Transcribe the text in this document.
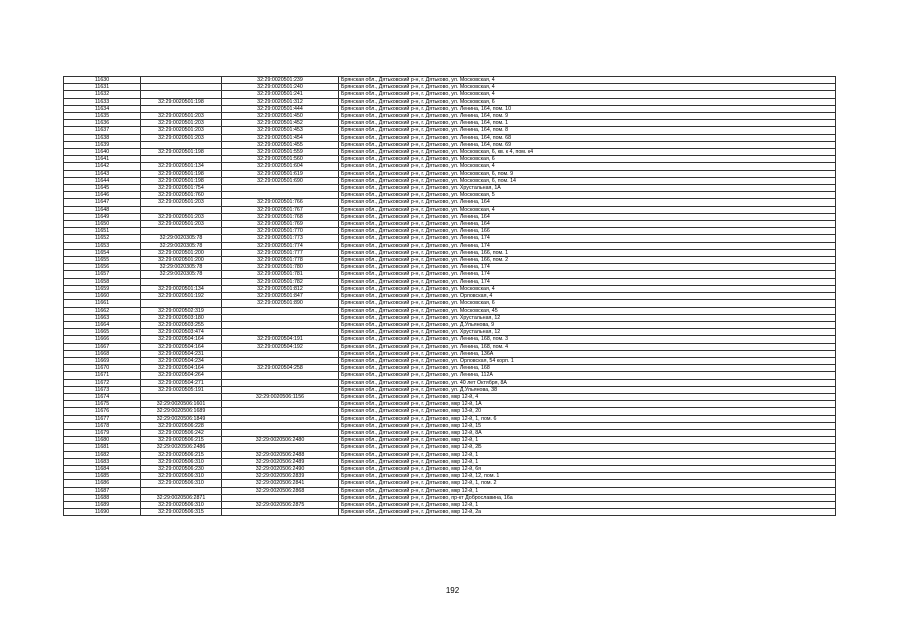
11630		32:29:0020501:239	Брянская обл., Дятьковский р-н, г. Дятьково, ул. Московская, 4
11631		32:29:0020501:240	Брянская обл., Дятьковский р-н, г. Дятьково, ул. Московская, 4
11632		32:29:0020501:241	Брянская обл., Дятьковский р-н, г. Дятьково, ул. Московская, 4
11633	32:29:0020501:198	32:29:0020501:312	Брянская обл., Дятьковский р-н, г. Дятьково, ул. Московская, 6
11634		32:29:0020501:444	Брянская обл., Дятьковский р-н, г. Дятьково, ул. Ленина, 164, пом. 10
11635	32:29:0020501:203	32:29:0020501:450	Брянская обл., Дятьковский р-н, г. Дятьково, ул. Ленина, 164, пом. 9
11636	32:29:0020501:203	32:29:0020501:452	Брянская обл., Дятьковский р-н, г. Дятьково, ул. Ленина, 164, пом. 1
11637	32:29:0020501:203	32:29:0020501:453	Брянская обл., Дятьковский р-н, г. Дятьково, ул. Ленина, 164, пом. 8
11638	32:29:0020501:203	32:29:0020501:454	Брянская обл., Дятьковский р-н, г. Дятьково, ул. Ленина, 164, пом. 68
11639		32:29:0020501:455	Брянская обл., Дятьковский р-н, г. Дятьково, ул. Ленина, 164, пом. 69
11640	32:29:0020501:198	32:29:0020501:559	Брянская обл., Дятьковский р-н, г. Дятьково, ул. Московская, 6, кв. к 4, пом. к4
11641		32:29:0020501:560	Брянская обл., Дятьковский р-н, г. Дятьково, ул. Московская, 6
11642	32:29:0020501:134	32:29:0020501:604	Брянская обл., Дятьковский р-н, г. Дятьково, ул. Московская, 4
11643	32:29:0020501:198	32:29:0020501:619	Брянская обл., Дятьковский р-н, г. Дятьково, ул. Московская, 6, пом. 9
11644	32:29:0020501:198	32:29:0020501:690	Брянская обл., Дятьковский р-н, г. Дятьково, ул. Московская, 6, пом. 14
11645	32:29:0020501:754		Брянская обл., Дятьковский р-н, г. Дятьково, ул. Хрустальная, 1А
11646	32:29:0020501:760		Брянская обл., Дятьковский р-н, г. Дятьково, ул. Московская, 5
11647	32:29:0020501:203	32:29:0020501:766	Брянская обл., Дятьковский р-н, г. Дятьково, ул. Ленина, 164
11648		32:29:0020501:767	Брянская обл., Дятьковский р-н, г. Дятьково, ул. Московская, 4
11649	32:29:0020501:203	32:29:0020501:768	Брянская обл., Дятьковский р-н, г. Дятьково, ул. Ленина, 164
11650	32:29:0020501:203	32:29:0020501:769	Брянская обл., Дятьковский р-н, г. Дятьково, ул. Ленина, 164
11651		32:29:0020501:770	Брянская обл., Дятьковский р-н, г. Дятьково, ул. Ленина, 166
11652	32:29:0020305:78	32:29:0020501:773	Брянская обл., Дятьковский р-н, г. Дятьково, ул. Ленина, 174
11653	32:29:0020305:78	32:29:0020501:774	Брянская обл., Дятьковский р-н, г. Дятьково, ул. Ленина, 174
11654	32:29:0020501:200	32:29:0020501:777	Брянская обл., Дятьковский р-н, г. Дятьково, ул. Ленина, 166, пом. 1
11655	32:29:0020501:200	32:29:0020501:778	Брянская обл., Дятьковский р-н, г. Дятьково, ул. Ленина, 166, пом. 2
11656	32:29:0020305:78	32:29:0020501:780	Брянская обл., Дятьковский р-н, г. Дятьково, ул. Ленина, 174
11657	32:29:0020305:78	32:29:0020501:781	Брянская обл., Дятьковский р-н, г. Дятьково, ул. Ленина, 174
11658		32:29:0020501:782	Брянская обл., Дятьковский р-н, г. Дятьково, ул. Ленина, 174
11659	32:29:0020501:134	32:29:0020501:812	Брянская обл., Дятьковский р-н, г. Дятьково, ул. Московская, 4
11660	32:29:0020501:192	32:29:0020501:847	Брянская обл., Дятьковский р-н, г. Дятьково, ул. Орловская, 4
11661		32:29:0020501:890	Брянская обл., Дятьковский р-н, г. Дятьково, ул. Московская, 6
11662	32:29:0020502:319		Брянская обл., Дятьковский р-н, г. Дятьково, ул. Московская, 45
11663	32:29:0020503:180		Брянская обл., Дятьковский р-н, г. Дятьково, ул. Хрустальная, 12
11664	32:29:0020503:255		Брянская обл., Дятьковский р-н, г. Дятьково, ул. Д.Ульянова, 9
11665	32:29:0020503:474		Брянская обл., Дятьковский р-н, г. Дятьково, ул. Хрустальная, 12
11666	32:29:0020504:164	32:29:0020504:191	Брянская обл., Дятьковский р-н, г. Дятьково, ул. Ленина, 168, пом. 3
11667	32:29:0020504:164	32:29:0020504:192	Брянская обл., Дятьковский р-н, г. Дятьково, ул. Ленина, 168, пом. 4
11668	32:29:0020504:231		Брянская обл., Дятьковский р-н, г. Дятьково, ул. Ленина, 136А
11669	32:29:0020504:234		Брянская обл., Дятьковский р-н, г. Дятьково, ул. Орловская, 54 корп. 1
11670	32:29:0020504:164	32:29:0020504:258	Брянская обл., Дятьковский р-н, г. Дятьково, ул. Ленина, 168
11671	32:29:0020504:264		Брянская обл., Дятьковский р-н, г. Дятьково, ул. Ленина, 112А
11672	32:29:0020504:271		Брянская обл., Дятьковский р-н, г. Дятьково, ул. 40 лет Октября, 8А
11673	32:29:0020505:191		Брянская обл., Дятьковский р-н, г. Дятьково, ул. Д.Ульянова, 38
11674		32:29:0020506:1156	Брянская обл., Дятьковский р-н, г. Дятьково, мкр 12-й, 4
11675	32:29:0020506:1601		Брянская обл., Дятьковский р-н, г. Дятьково, мкр 12-й, 1А
11676	32:29:0020506:1689		Брянская обл., Дятьковский р-н, г. Дятьково, мкр 13-й, 20
11677	32:29:0020506:1849		Брянская обл., Дятьковский р-н, г. Дятьково, мкр 12-й, 1, пом. 6
11678	32:29:0020506:228		Брянская обл., Дятьковский р-н, г. Дятьково, мкр 12-й, 15
11679	32:29:0020506:242		Брянская обл., Дятьковский р-н, г. Дятьково, мкр 12-й, 8А
11680	32:29:0020506:215	32:29:0020506:2480	Брянская обл., Дятьковский р-н, г. Дятьково, мкр 12-й, 1
11681	32:29:0020506:2486		Брянская обл., Дятьковский р-н, г. Дятьково, мкр 12-й, 2Б
11682	32:29:0020506:215	32:29:0020506:2488	Брянская обл., Дятьковский р-н, г. Дятьково, мкр 12-й, 1
11683	32:29:0020506:310	32:29:0020506:2489	Брянская обл., Дятьковский р-н, г. Дятьково, мкр 12-й, 1
11684	32:29:0020506:230	32:29:0020506:2490	Брянская обл., Дятьковский р-н, г. Дятьково, мкр 12-й, 6я
11685	32:29:0020506:310	32:29:0020506:2839	Брянская обл., Дятьковский р-н, г. Дятьково, мкр 12-й, 12, пом. 1
11686	32:29:0020506:310	32:29:0020506:2841	Брянская обл., Дятьковский р-н, г. Дятьково, мкр 12-й, 1, пом. 2
11687		32:29:0020506:2868	Брянская обл., Дятьковский р-н, г. Дятьково, мкр 12-й, 1
11688	32:29:0020506:2871		Брянская обл., Дятьковский р-н, г. Дятьково, пр-кт Доброславина, 16а
11689	32:29:0020506:310	32:29:0020506:2875	Брянская обл., Дятьковский р-н, г. Дятьково, мкр 12-й, 1
11690	32:29:0020506:315		Брянская обл., Дятьковский р-н, г. Дятьково, мкр 12-й, 2а
192
